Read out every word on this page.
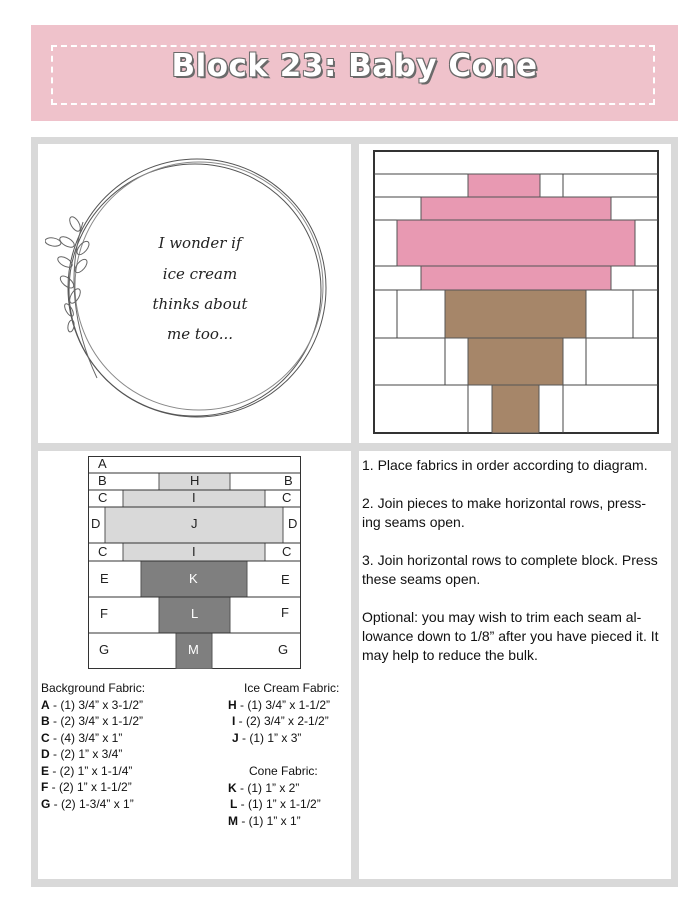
Block 23: Baby Cone
I wonder if
ice cream
thinks about
me too...
A
B	H	B
C	I	C
D	J	D
C	I	C
E	K	E
F	L	F
G	M	G
Background Fabric:
A - (1) 3/4” x 3-1/2”
B - (2) 3/4” x 1-1/2”
C - (4) 3/4” x 1”
D - (2) 1” x 3/4”
E - (2) 1” x 1-1/4”
F - (2) 1” x 1-1/2”
G - (2) 1-3/4” x 1”
Ice Cream Fabric:
H - (1) 3/4” x 1-1/2”
I - (2) 3/4” x 2-1/2”
J - (1) 1” x 3”
Cone Fabric:
K - (1) 1” x 2”
L - (1) 1” x 1-1/2”
M - (1) 1” x 1”

1. Place fabrics in order according to diagram.

2. Join pieces to make horizontal rows, press-ing seams open.

3. Join horizontal rows to complete block. Press these seams open.

Optional: you may wish to trim each seam al-lowance down to 1/8” after you have pieced it. It may help to reduce the bulk.
